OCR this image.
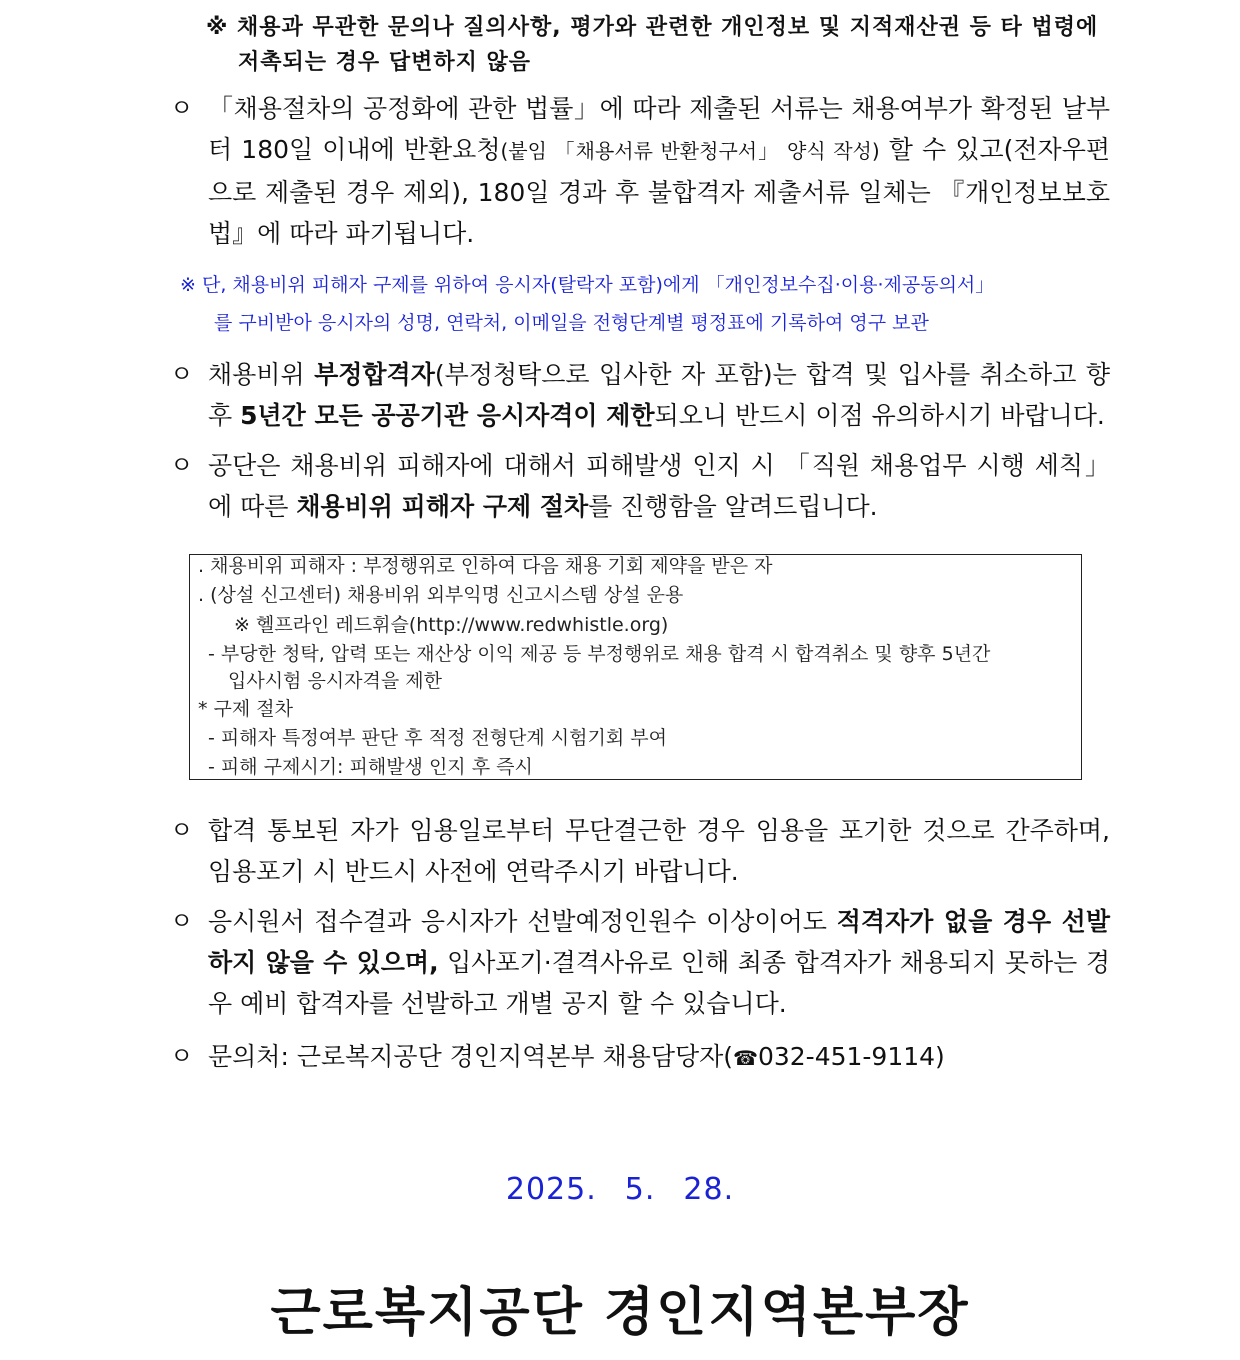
※ 채용과 무관한 문의나 질의사항, 평가와 관련한 개인정보 및 지적재산권 등 타 법령에
저촉되는 경우 답변하지 않음
ㅇ 「채용절차의 공정화에 관한 법률」에 따라 제출된 서류는 채용여부가 확정된 날부터 180일 이내에 반환요청(붙임 「채용서류 반환청구서」 양식 작성) 할 수 있고(전자우편으로 제출된 경우 제외), 180일 경과 후 불합격자 제출서류 일체는 『개인정보보호법』에 따라 파기됩니다.
※ 단, 채용비위 피해자 구제를 위하여 응시자(탈락자 포함)에게 「개인정보수집·이용·제공동의서」
를 구비받아 응시자의 성명, 연락처, 이메일을 전형단계별 평정표에 기록하여 영구 보관
ㅇ 채용비위 부정합격자(부정청탁으로 입사한 자 포함)는 합격 및 입사를 취소하고 향후 5년간 모든 공공기관 응시자격이 제한되오니 반드시 이점 유의하시기 바랍니다.
ㅇ 공단은 채용비위 피해자에 대해서 피해발생 인지 시 「직원 채용업무 시행 세칙」에 따른 채용비위 피해자 구제 절차를 진행함을 알려드립니다.
. 채용비위 피해자 : 부정행위로 인하여 다음 채용 기회 제약을 받은 자
. (상설 신고센터) 채용비위 외부익명 신고시스템 상설 운용
※ 헬프라인 레드휘슬(http://www.redwhistle.org)
- 부당한 청탁, 압력 또는 재산상 이익 제공 등 부정행위로 채용 합격 시 합격취소 및 향후 5년간
입사시험 응시자격을 제한
* 구제 절차
- 피해자 특정여부 판단 후 적정 전형단계 시험기회 부여
- 피해 구제시기: 피해발생 인지 후 즉시
ㅇ 합격 통보된 자가 임용일로부터 무단결근한 경우 임용을 포기한 것으로 간주하며, 임용포기 시 반드시 사전에 연락주시기 바랍니다.
ㅇ 응시원서 접수결과 응시자가 선발예정인원수 이상이어도 적격자가 없을 경우 선발하지 않을 수 있으며, 입사포기·결격사유로 인해 최종 합격자가 채용되지 못하는 경우 예비 합격자를 선발하고 개별 공지 할 수 있습니다.
ㅇ 문의처: 근로복지공단 경인지역본부 채용담당자(☎032-451-9114)
2025. 5. 28.
근로복지공단 경인지역본부장
